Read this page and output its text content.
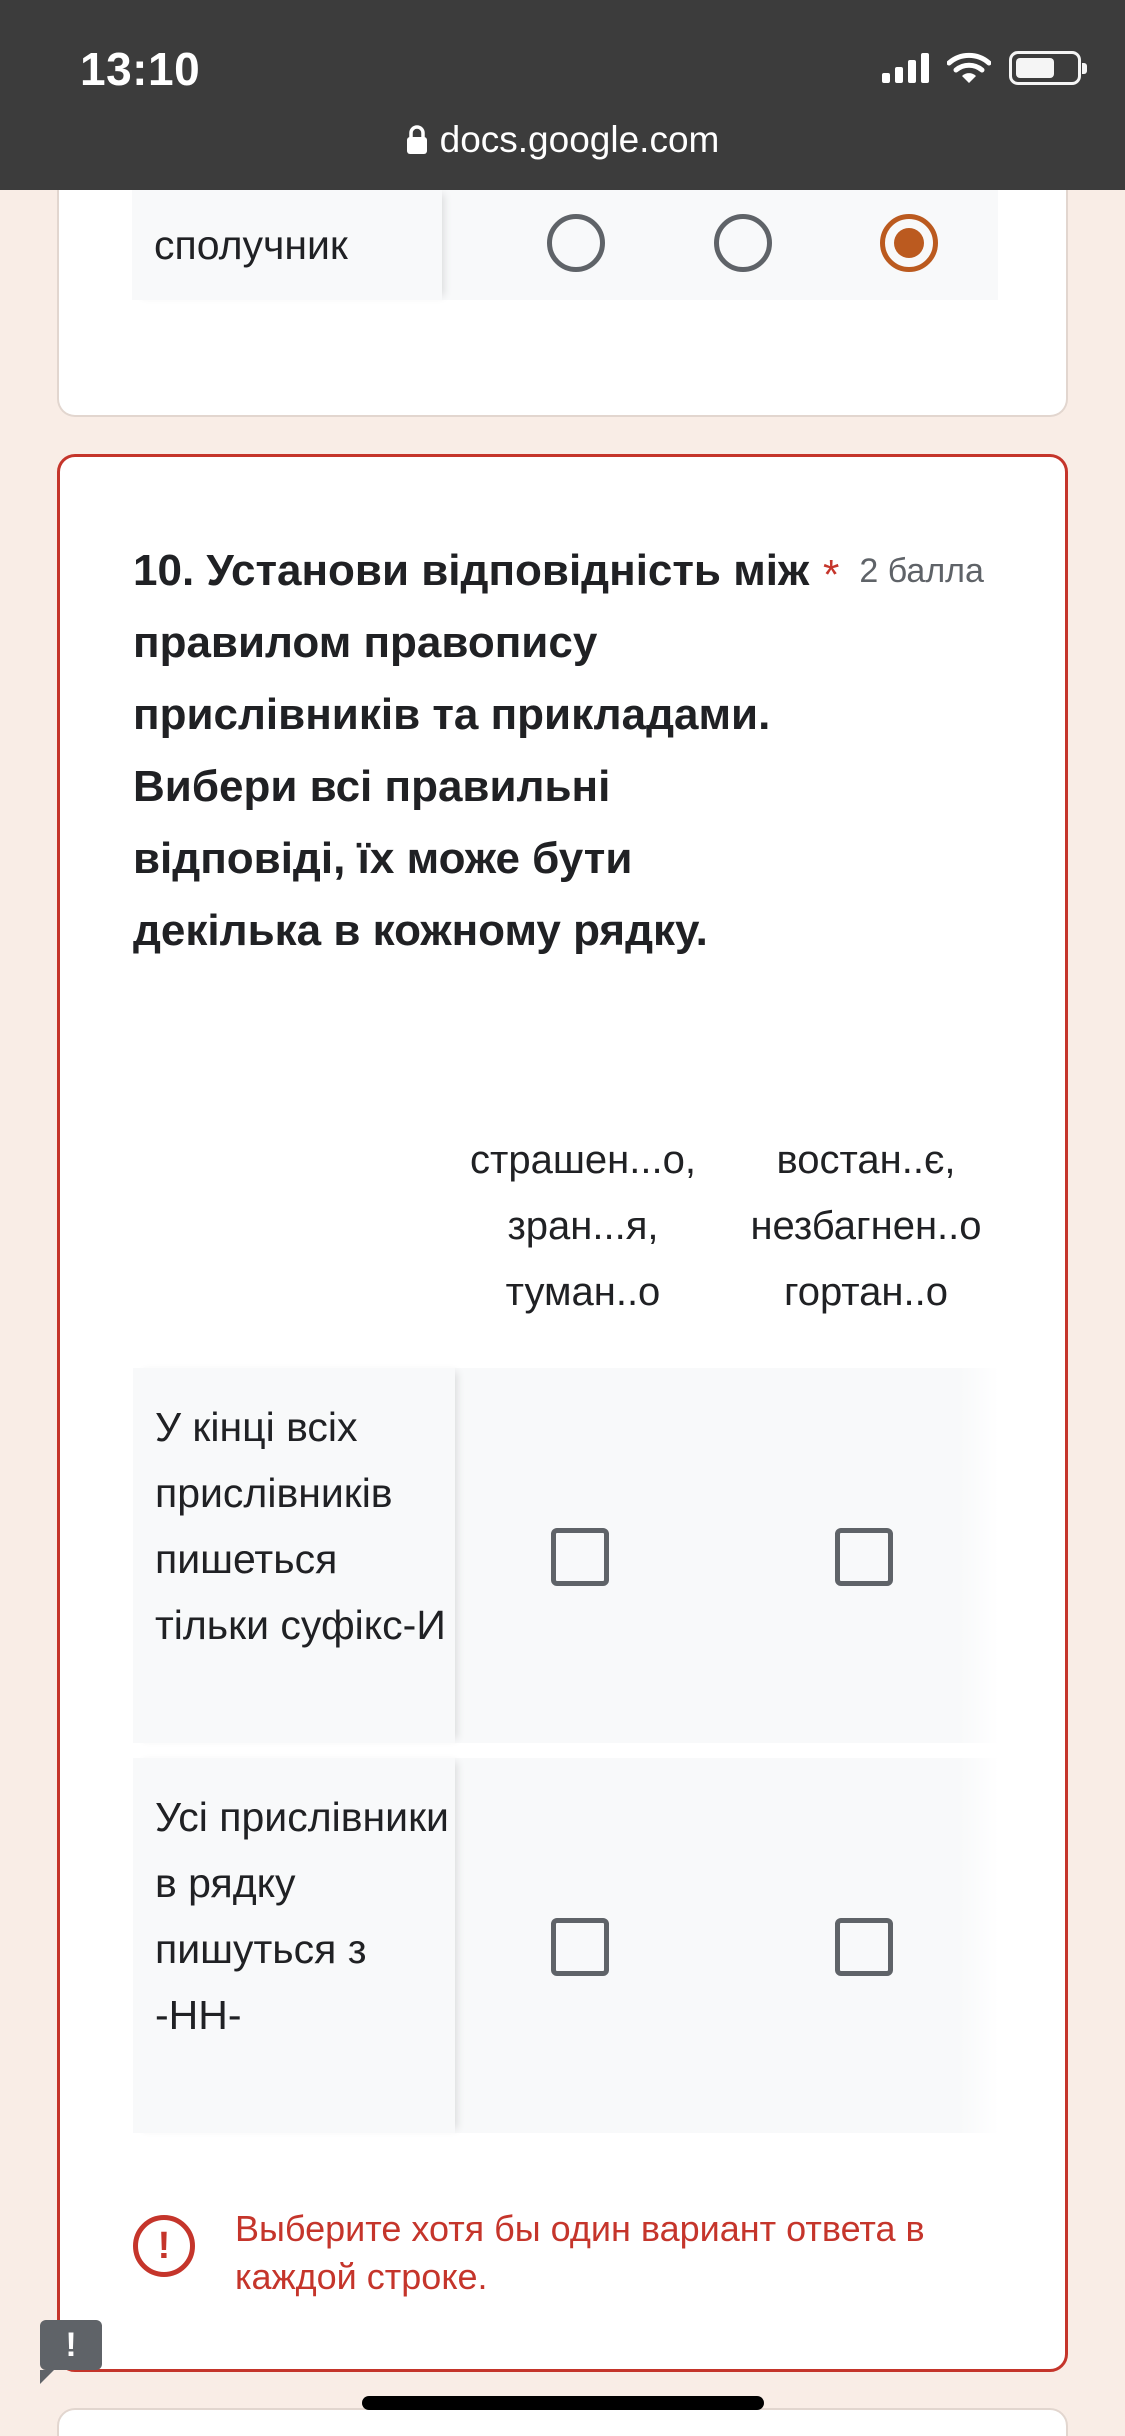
13:10
docs.google.com
сполучник
10. Установи відповідність між правилом правопису прислівників та прикладами. Вибери всі правильні відповіді, їх може бути декілька в кожному рядку.
* 2 балла
страшен...о,
зран...я,
туман..о
востан..є,
незбагнен..о
гортан..о
У кінці всіх прислівників пишеться тільки суфікс-И
Усі прислівники в рядку пишуться з -НН-
!	Выберите хотя бы один вариант ответа в каждой строке.
!
